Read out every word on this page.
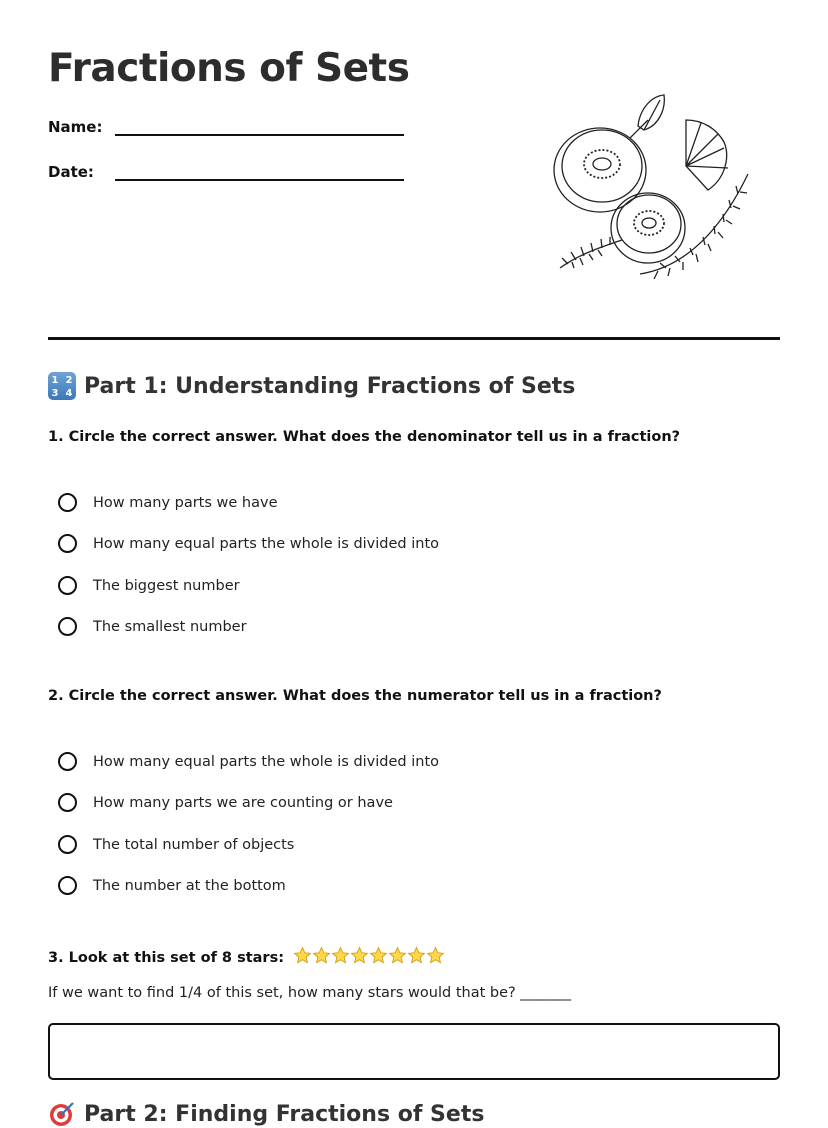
Fractions of Sets
Name:
Date:
1 2
3 4 Part 1: Understanding Fractions of Sets
1. Circle the correct answer. What does the denominator tell us in a fraction?
How many parts we have
How many equal parts the whole is divided into
The biggest number
The smallest number
2. Circle the correct answer. What does the numerator tell us in a fraction?
How many equal parts the whole is divided into
How many parts we are counting or have
The total number of objects
The number at the bottom
3. Look at this set of 8 stars:
If we want to find 1/4 of this set, how many stars would that be? _______
Part 2: Finding Fractions of Sets
